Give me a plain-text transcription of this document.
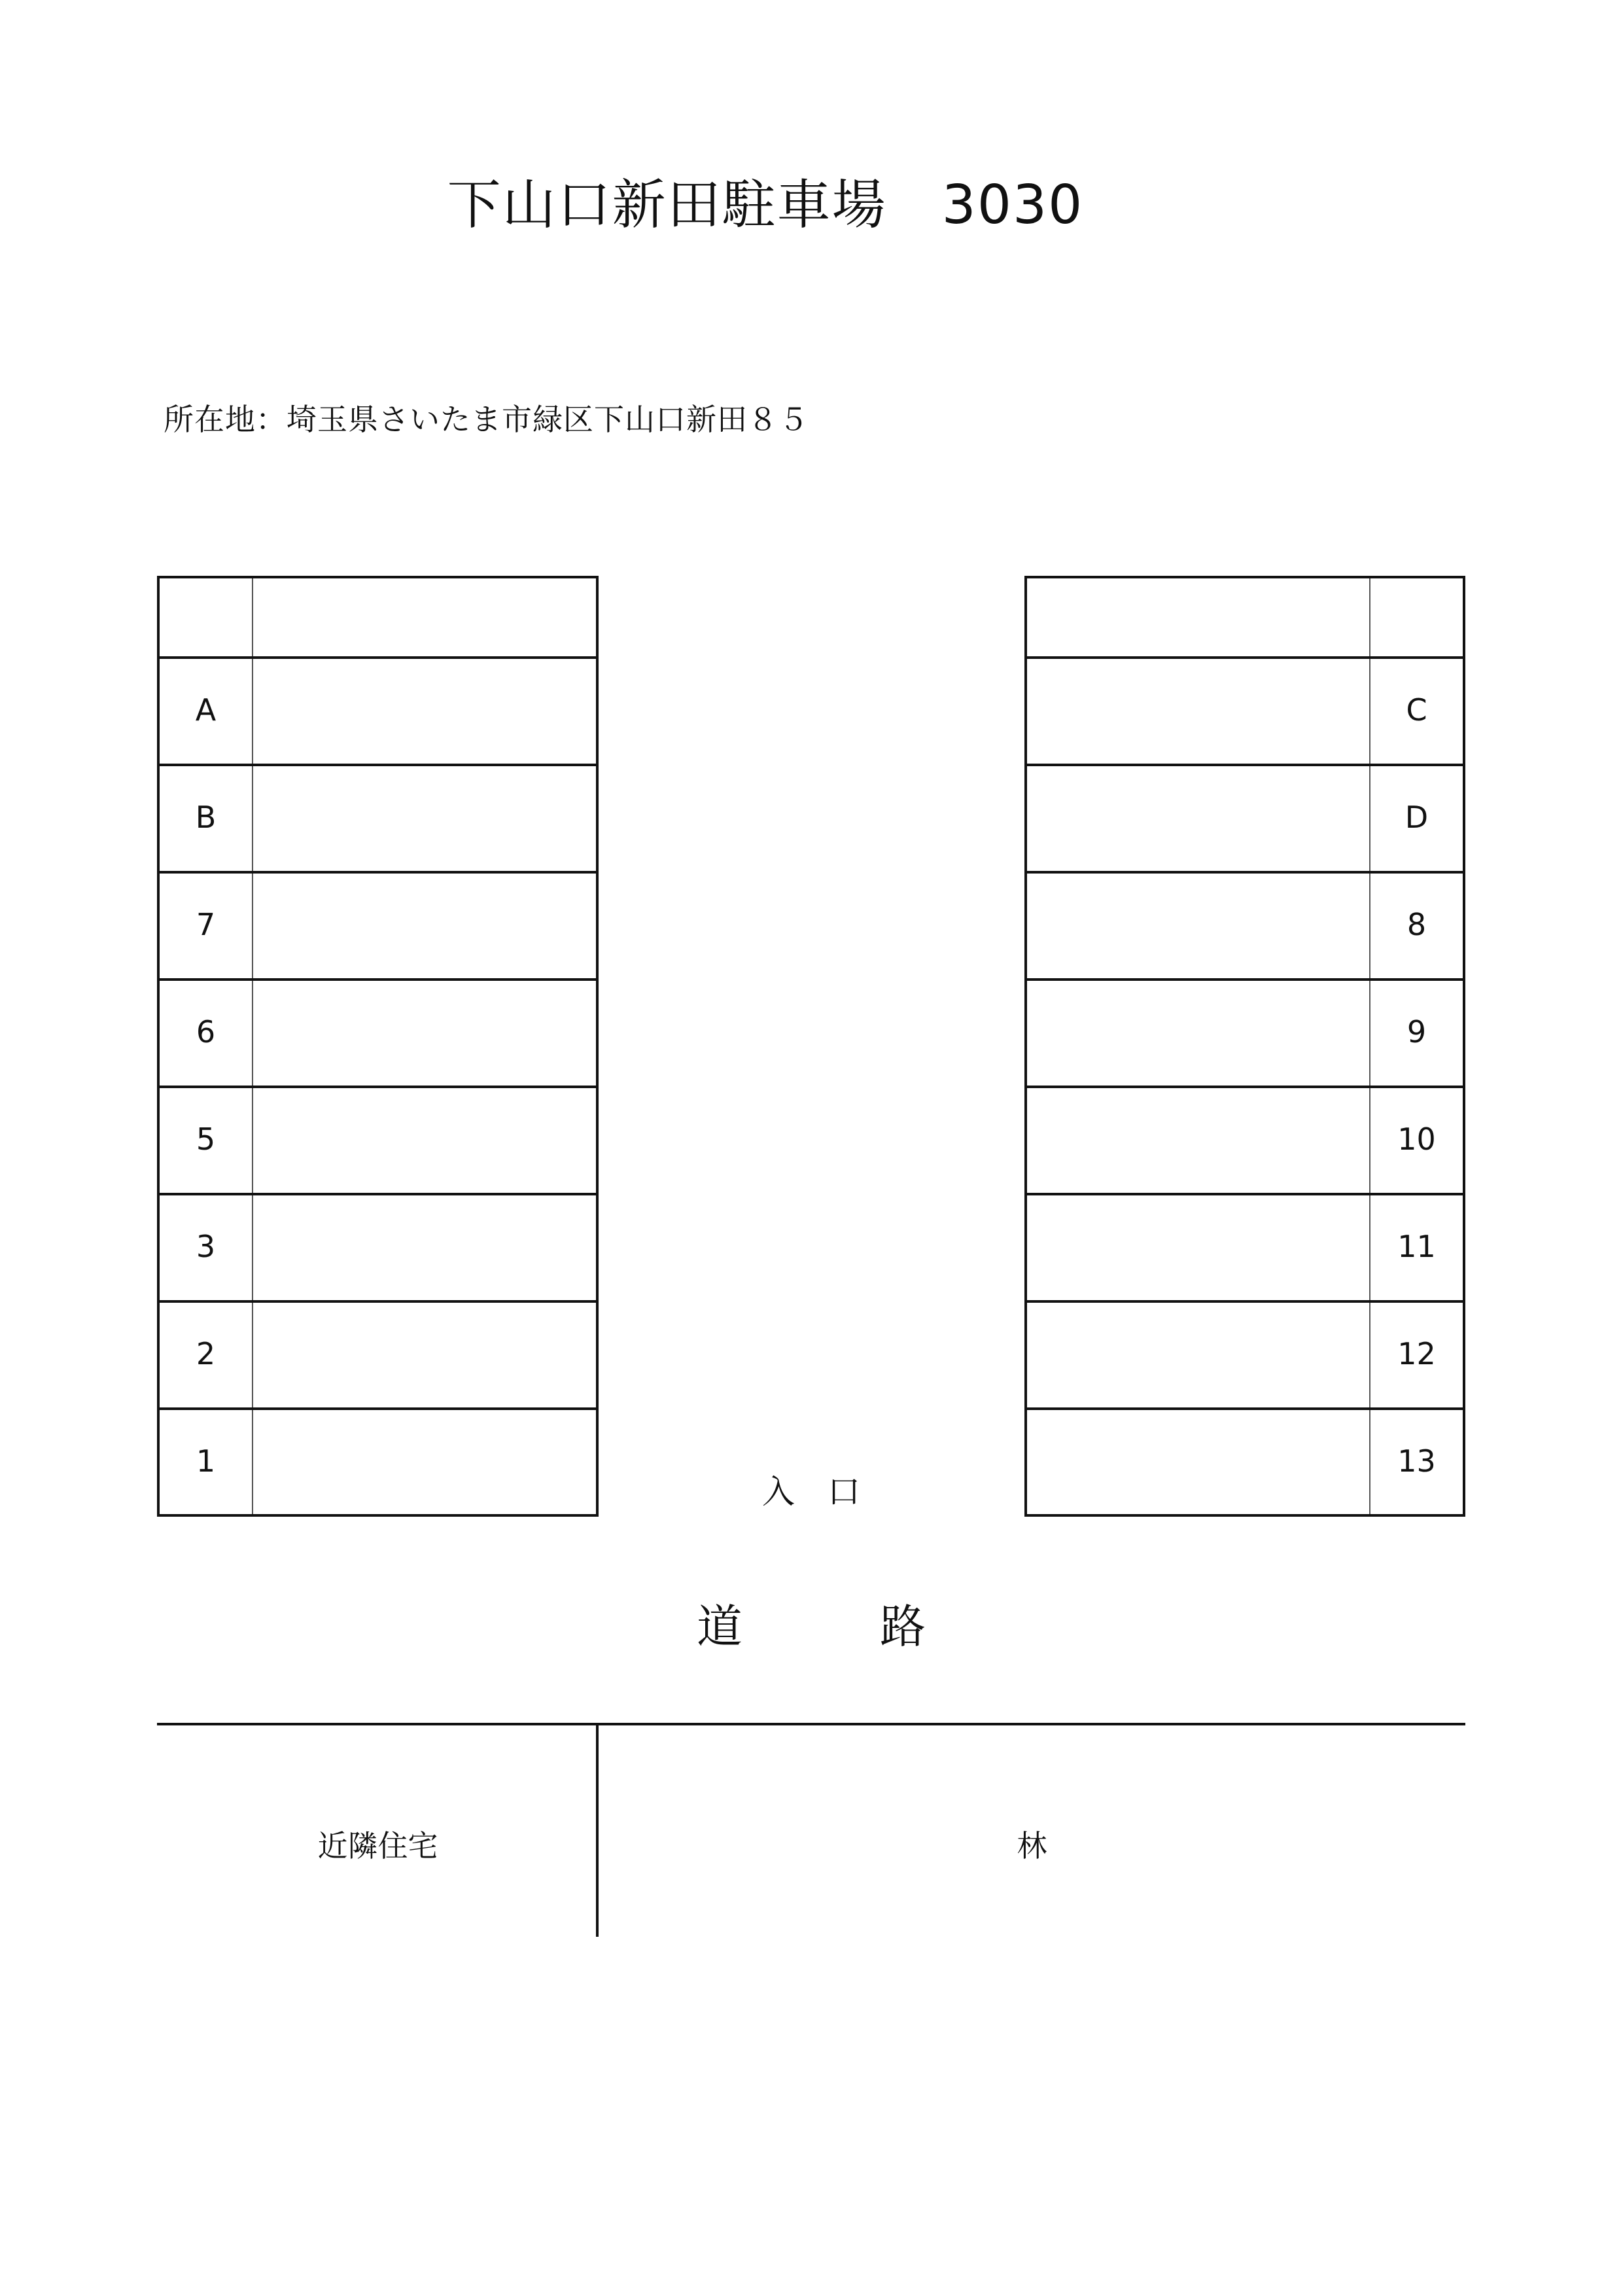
下山口新田駐車場　3030
所在地：埼玉県さいたま市緑区下山口新田８５
A
B
7
6
5
3
2
1
C
D
8
9
10
11
12
13
入　口
道　　　路
近隣住宅	林
